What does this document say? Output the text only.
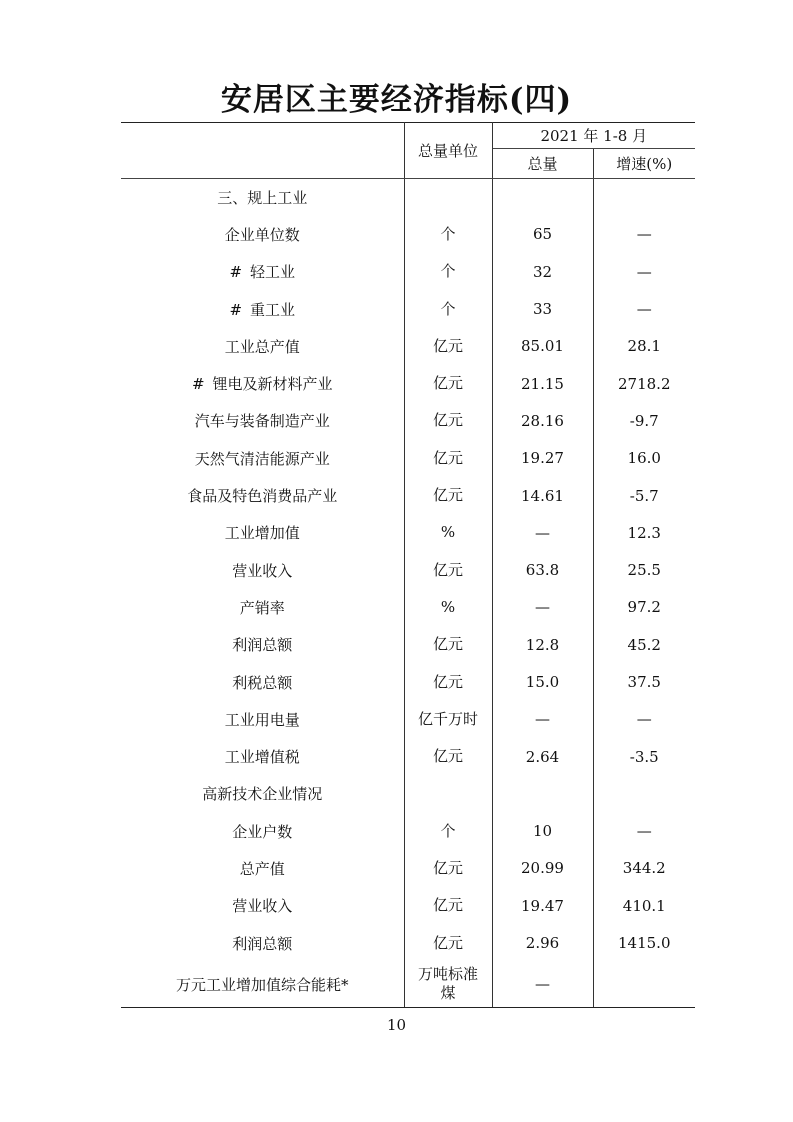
安居区主要经济指标(四)
	总量单位	2021 年 1-8 月	
		总量	增速(%)
三、规上工业	

企业单位数	个	65	—
# 轻工业	个	32	—
# 重工业	个	33	—
工业总产值	亿元	85.01	28.1
# 锂电及新材料产业	亿元	21.15	2718.2
汽车与装备制造产业	亿元	28.16	-9.7
天然气清洁能源产业	亿元	19.27	16.0
食品及特色消费品产业	亿元	14.61	-5.7
工业增加值	%	—	12.3
营业收入	亿元	63.8	25.5
产销率	%	—	97.2
利润总额	亿元	12.8	45.2
利税总额	亿元	15.0	37.5
工业用电量	亿千万时	—	—
工业增值税	亿元	2.64	-3.5
高新技术企业情况	

企业户数	个	10	—
总产值	亿元	20.99	344.2
营业收入	亿元	19.47	410.1
利润总额	亿元	2.96	1415.0
万元工业增加值综合能耗*	万吨标准煤	—	
10
